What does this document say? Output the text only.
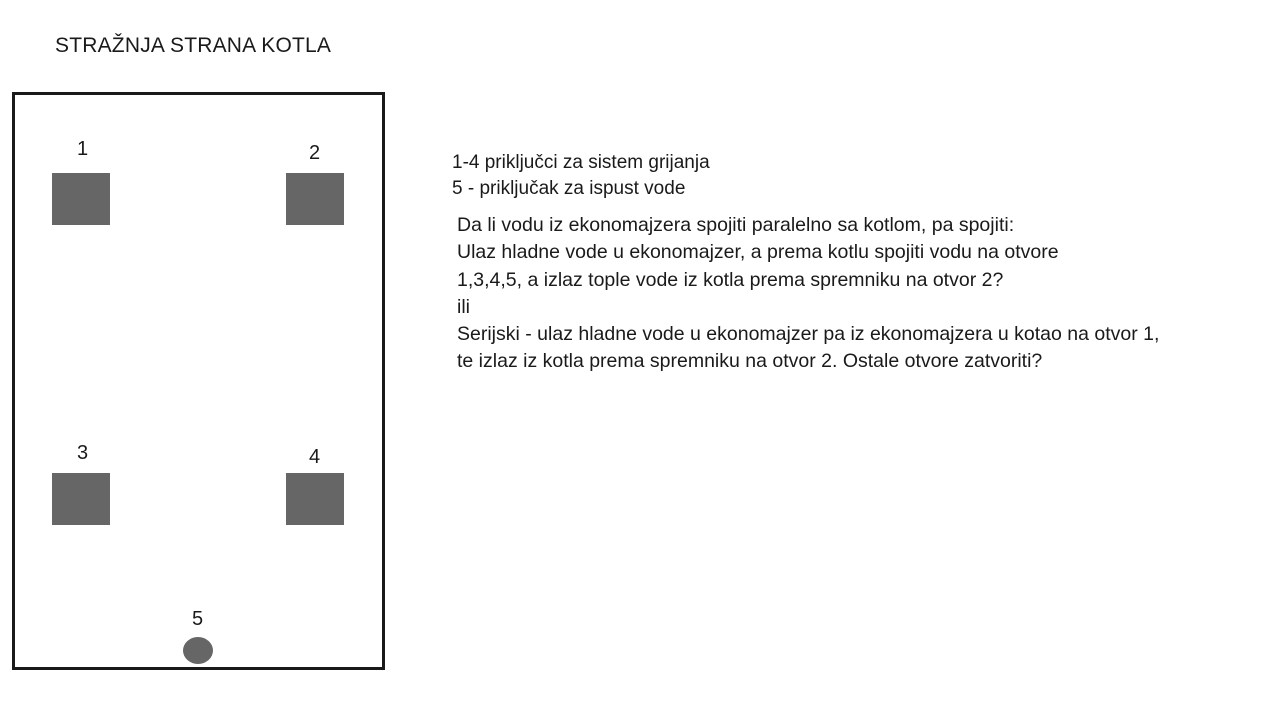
STRAŽNJA STRANA KOTLA
1	2
3	4
5
1-4 priključci za sistem grijanja
5 - priključak za ispust vode
Da li vodu iz ekonomajzera spojiti paralelno sa kotlom, pa spojiti:
Ulaz hladne vode u ekonomajzer, a prema kotlu spojiti vodu na otvore
1,3,4,5, a izlaz tople vode iz kotla prema spremniku na otvor 2?
ili
Serijski - ulaz hladne vode u ekonomajzer pa iz ekonomajzera u kotao na otvor 1,
te izlaz iz kotla prema spremniku na otvor 2. Ostale otvore zatvoriti?
